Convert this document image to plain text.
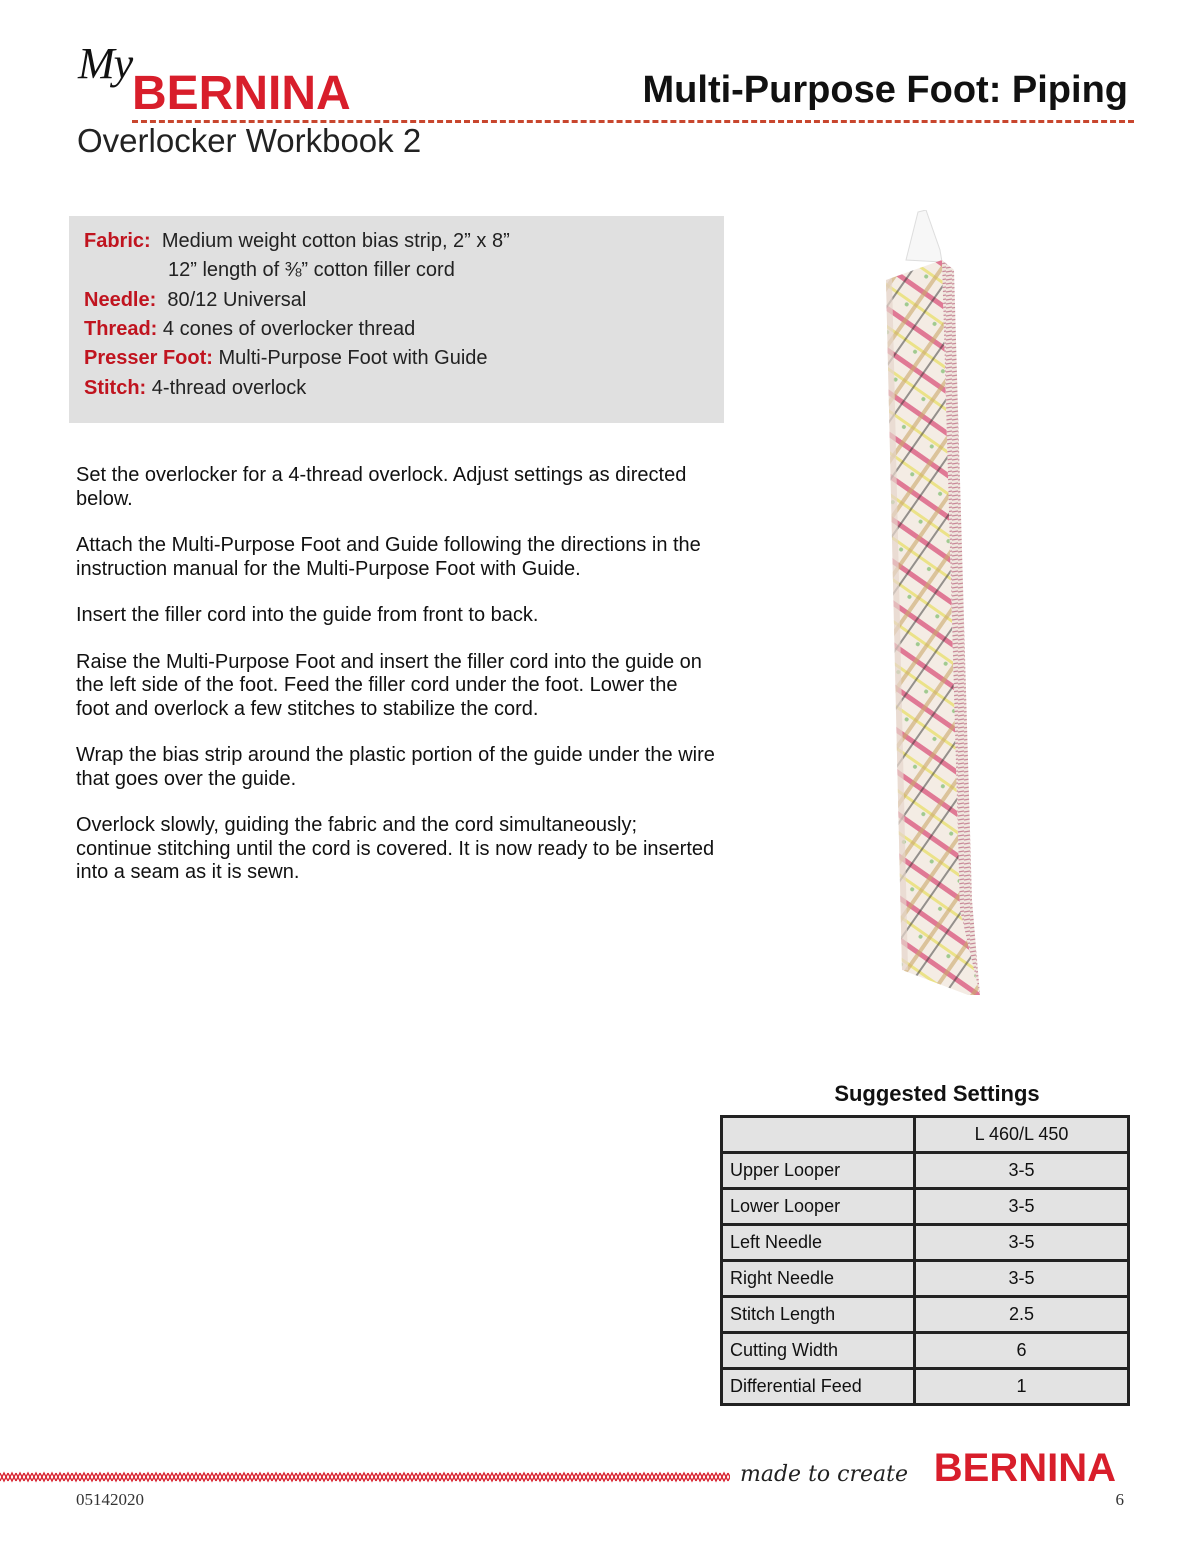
My
BERNINA	Multi-Purpose Foot: Piping
Overlocker Workbook 2
Fabric: Medium weight cotton bias strip, 2” x 8”
12” length of ⅜” cotton filler cord
Needle: 80/12 Universal
Thread: 4 cones of overlocker thread
Presser Foot: Multi-Purpose Foot with Guide
Stitch: 4-thread overlock

Set the overlocker for a 4-thread overlock. Adjust settings as directed below.

Attach the Multi-Purpose Foot and Guide following the directions in the instruction manual for the Multi-Purpose Foot with Guide.

Insert the filler cord into the guide from front to back.

Raise the Multi-Purpose Foot and insert the filler cord into the guide on the left side of the foot. Feed the filler cord under the foot. Lower the foot and overlock a few stitches to stabilize the cord.

Wrap the bias strip around the plastic portion of the guide under the wire that goes over the guide.

Overlock slowly, guiding the fabric and the cord simultaneously; continue stitching until the cord is covered. It is now ready to be inserted into a seam as it is sewn.

Suggested Settings
	L 460/L 450
Upper Looper	3-5
Lower Looper	3-5
Left Needle	3-5
Right Needle	3-5
Stitch Length	2.5
Cutting Width	6
Differential Feed	1
made to create BERNINA
05142020	6
